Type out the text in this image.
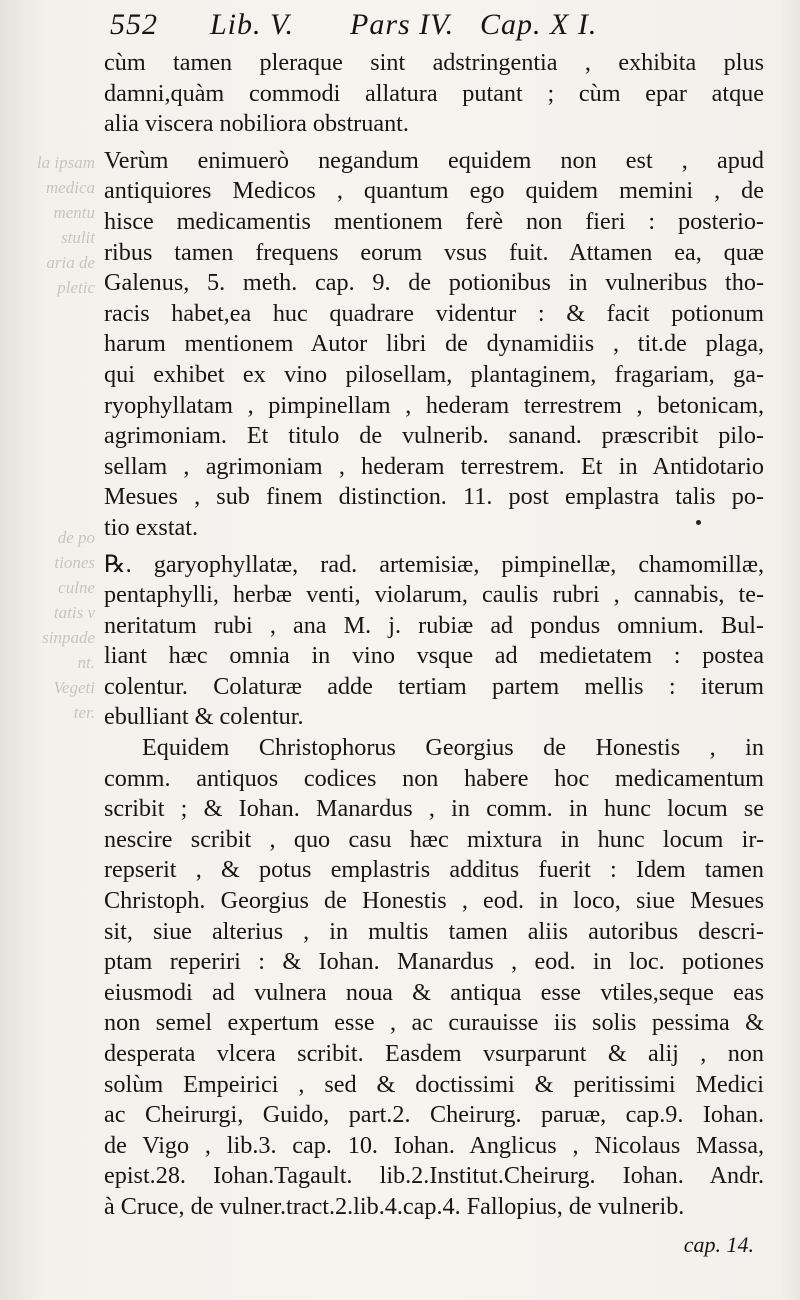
la ipsam
medica
mentu
stulit
aria de
pletic
de po
tiones
culne
tatis v
sinpade
nt.
Vegeti
ter.
552 Lib. V. Pars IV. Cap. X I.
cùm tamen pleraque sint adstringentia , exhibita plus
damni,quàm commodi allatura putant ; cùm epar atque
alia viscera nobiliora obstruant.
Verùm enimuerò negandum equidem non est , apud
antiquiores Medicos , quantum ego quidem memini , de
hisce medicamentis mentionem ferè non fieri : posterio-
ribus tamen frequens eorum vsus fuit. Attamen ea, quæ
Galenus, 5. meth. cap. 9. de potionibus in vulneribus tho-
racis habet,ea huc quadrare videntur : & facit potionum
harum mentionem Autor libri de dynamidiis , tit.de plaga,
qui exhibet ex vino pilosellam, plantaginem, fragariam, ga-
ryophyllatam , pimpinellam , hederam terrestrem , betonicam,
agrimoniam. Et titulo de vulnerib. sanand. præscribit pilo-
sellam , agrimoniam , hederam terrestrem. Et in Antidotario
Mesues , sub finem distinction. 11. post emplastra talis po-
tio exstat.
℞. garyophyllatæ, rad. artemisiæ, pimpinellæ, chamomillæ,
pentaphylli, herbæ venti, violarum, caulis rubri , cannabis, te-
neritatum rubi , ana M. j. rubiæ ad pondus omnium. Bul-
liant hæc omnia in vino vsque ad medietatem : postea
colentur. Colaturæ adde tertiam partem mellis : iterum
ebulliant & colentur.
Equidem Christophorus Georgius de Honestis , in
comm. antiquos codices non habere hoc medicamentum
scribit ; & Iohan. Manardus , in comm. in hunc locum se
nescire scribit , quo casu hæc mixtura in hunc locum ir-
repserit , & potus emplastris additus fuerit : Idem tamen
Christoph. Georgius de Honestis , eod. in loco, siue Mesues
sit, siue alterius , in multis tamen aliis autoribus descri-
ptam reperiri : & Iohan. Manardus , eod. in loc. potiones
eiusmodi ad vulnera noua & antiqua esse vtiles,seque eas
non semel expertum esse , ac curauisse iis solis pessima &
desperata vlcera scribit. Easdem vsurparunt & alij , non
solùm Empeirici , sed & doctissimi & peritissimi Medici
ac Cheirurgi, Guido, part.2. Cheirurg. paruæ, cap.9. Iohan.
de Vigo , lib.3. cap. 10. Iohan. Anglicus , Nicolaus Massa,
epist.28. Iohan.Tagault. lib.2.Institut.Cheirurg. Iohan. Andr.
à Cruce, de vulner.tract.2.lib.4.cap.4. Fallopius, de vulnerib.
cap. 14.
